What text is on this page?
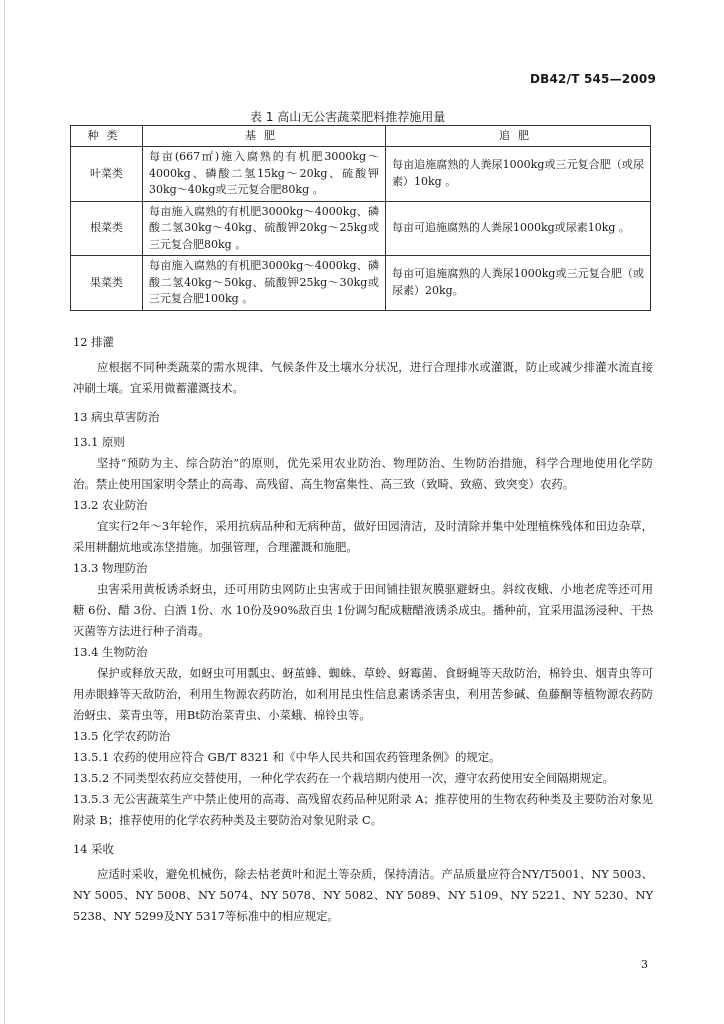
DB42/T 545—2009
表 1 高山无公害蔬菜肥料推荐施用量
种类	基肥	追肥
叶菜类	每亩(667㎡)施入腐熟的有机肥3000kg～4000kg、磷酸二氢15kg～20kg、硫酸钾30kg～40kg或三元复合肥80kg 。	每亩追施腐熟的人粪尿1000kg或三元复合肥（或尿素）10kg 。
根菜类	每亩施入腐熟的有机肥3000kg～4000kg、磷酸二氢30kg～40kg、硫酸钾20kg～25kg或三元复合肥80kg 。	每亩可追施腐熟的人粪尿1000kg或尿素10kg 。
果菜类	每亩施入腐熟的有机肥3000kg～4000kg、磷酸二氢40kg～50kg、硫酸钾25kg～30kg或三元复合肥100kg 。	每亩可追施腐熟的人粪尿1000kg或三元复合肥（或尿素）20kg。

12 排灌

应根据不同种类蔬菜的需水规律、气候条件及土壤水分状况，进行合理排水或灌溉，防止或减少排灌水流直接冲刷土壤。宜采用微蓄灌溉技术。

13 病虫草害防治

13.1 原则

坚持“预防为主、综合防治”的原则，优先采用农业防治、物理防治、生物防治措施，科学合理地使用化学防治。禁止使用国家明令禁止的高毒、高残留、高生物富集性、高三致（致畸、致癌、致突变）农药。

13.2 农业防治

宜实行2年～3年轮作，采用抗病品种和无病种苗，做好田园清洁，及时清除并集中处理植株残体和田边杂草，采用耕翻炕地或冻垡措施。加强管理，合理灌溉和施肥。

13.3 物理防治

虫害采用黄板诱杀蚜虫，还可用防虫网防止虫害或于田间铺挂银灰膜驱避蚜虫。斜纹夜蛾、小地老虎等还可用糖 6份、醋 3份、白酒 1份、水 10份及90%敌百虫 1份调匀配成糖醋液诱杀成虫。播种前，宜采用温汤浸种、干热灭菌等方法进行种子消毒。

13.4 生物防治

保护或释放天敌，如蚜虫可用瓢虫、蚜茧蜂、蜘蛛、草蛉、蚜霉菌、食蚜蝇等天敌防治，棉铃虫、烟青虫等可用赤眼蜂等天敌防治，利用生物源农药防治，如利用昆虫性信息素诱杀害虫，利用苦参碱、鱼藤酮等植物源农药防治蚜虫、菜青虫等，用Bt防治菜青虫、小菜蛾、棉铃虫等。

13.5 化学农药防治

13.5.1 农药的使用应符合 GB/T 8321 和《中华人民共和国农药管理条例》的规定。

13.5.2 不同类型农药应交替使用，一种化学农药在一个栽培期内使用一次，遵守农药使用安全间隔期规定。

13.5.3 无公害蔬菜生产中禁止使用的高毒、高残留农药品种见附录 A；推荐使用的生物农药种类及主要防治对象见附录 B；推荐使用的化学农药种类及主要防治对象见附录 C。

14 采收

应适时采收，避免机械伤，除去枯老黄叶和泥土等杂质，保持清洁。产品质量应符合NY/T5001、NY 5003、NY 5005、NY 5008、NY 5074、NY 5078、NY 5082、NY 5089、NY 5109、NY 5221、NY 5230、NY 5238、NY 5299及NY 5317等标准中的相应规定。

3
